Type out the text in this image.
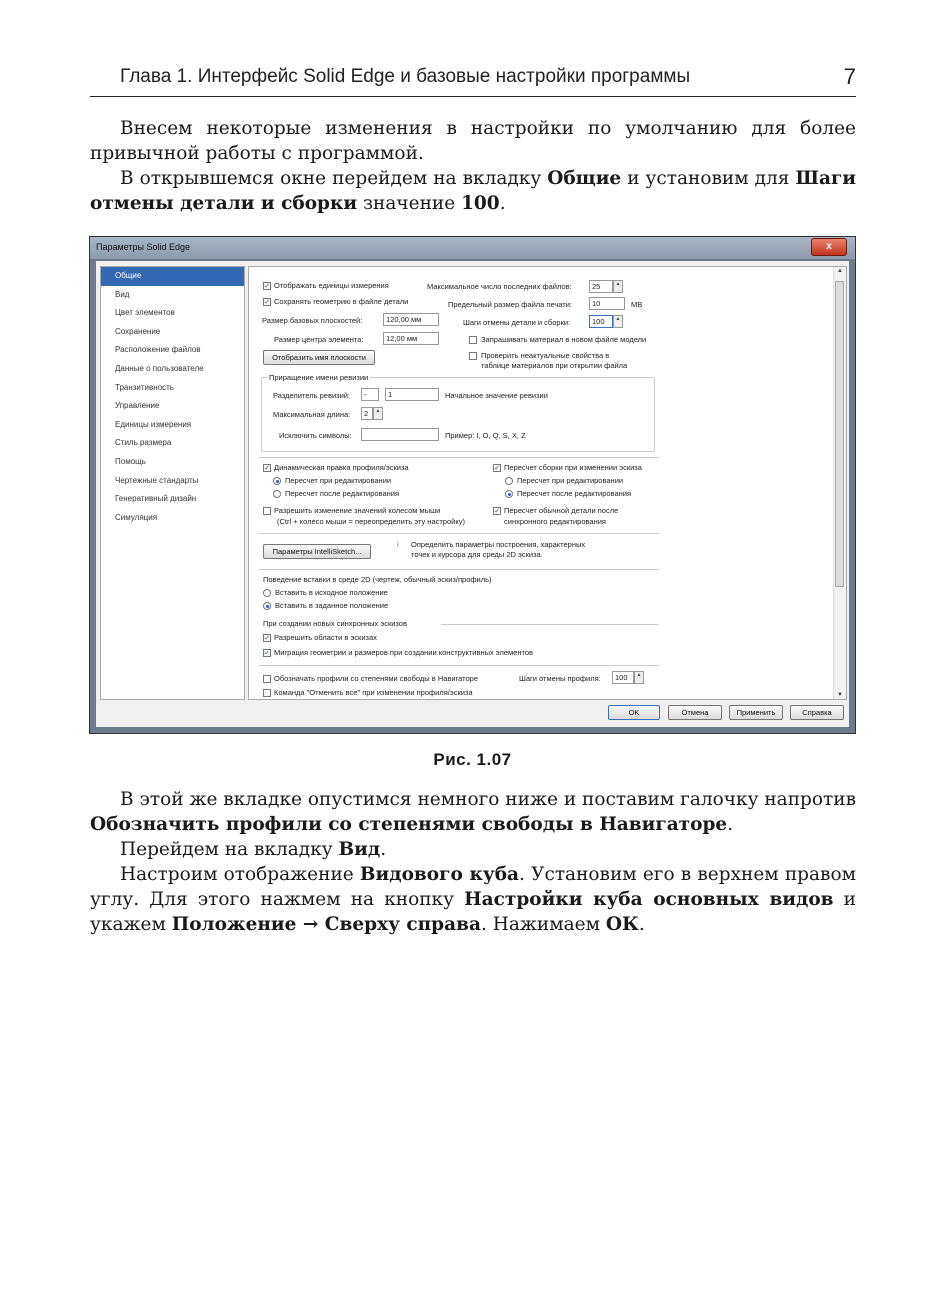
Глава 1. Интерфейс Solid Edge и базовые настройки программы	7

Внесем некоторые изменения в настройки по умолчанию для более привычной работы с программой.

В открывшемся окне перейдем на вкладку Общие и установим для Шаги отмены детали и сборки значение 100.

Параметры Solid Edge	x
Общие
Вид
Цвет элементов
Сохранение
Расположение файлов
Данные о пользователе
Транзитивность
Управление
Единицы измерения
Стиль размера
Помощь
Чертежные стандарты
Генеративный дизайн
Симуляция
✓ Отображать единицы измерения	Максимальное число последних файлов:	25	▲
✓ Сохранять геометрию в файле детали	Предельный размер файла печати:	10	MB
Размер базовых плоскостей:	120,00 мм	Шаги отмены детали и сборки:	100	▲
Размер центра элемента:	12,00 мм	Запрашивать материал в новом файле модели
Отобразить имя плоскости	Проверить неактуальные свойства в
таблице материалов при открытии файла
Приращение имени ревизии
Разделитель ревизий:	-	1	Начальное значение ревизии
Максимальная длина:	2	▲
Исключить символы:	Пример: I, O, Q, S, X, Z
✓ Динамическая правка профиля/эскиза
Пересчет при редактировании
Пересчет после редактирования
✓ Пересчет сборки при изменении эскиза
Пересчет при редактировании
Пересчет после редактирования
Разрешить изменение значений колесом мыши
(Ctrl + колесо мыши = переопределить эту настройку)
✓ Пересчет обычной детали после
синхронного редактирования
Параметры IntelliSketch...
i Определить параметры построения, характерных
точек и курсора для среды 2D эскиза.
Поведение вставки в среде 2D (чертеж, обычный эскиз/профиль)
Вставить в исходное положение
Вставить в заданное положение
При создании новых синхронных эскизов
✓ Разрешить области в эскизах
✓ Миграция геометрии и размеров при создании конструктивных элементов
Обозначать профили со степенями свободы в Навигаторе	Шаги отмены профиля:	100	▲
Команда "Отменить все" при изменении профиля/эскиза
▲
▼
OK	Отмена	Применить	Справка
Рис. 1.07

В этой же вкладке опустимся немного ниже и поставим галочку напротив Обозначить профили со степенями свободы в Навигаторе.

Перейдем на вкладку Вид.

Настроим отображение Видового куба. Установим его в верхнем правом углу. Для этого нажмем на кнопку Настройки куба основных видов и укажем Положение → Сверху справа. Нажимаем ОК.
